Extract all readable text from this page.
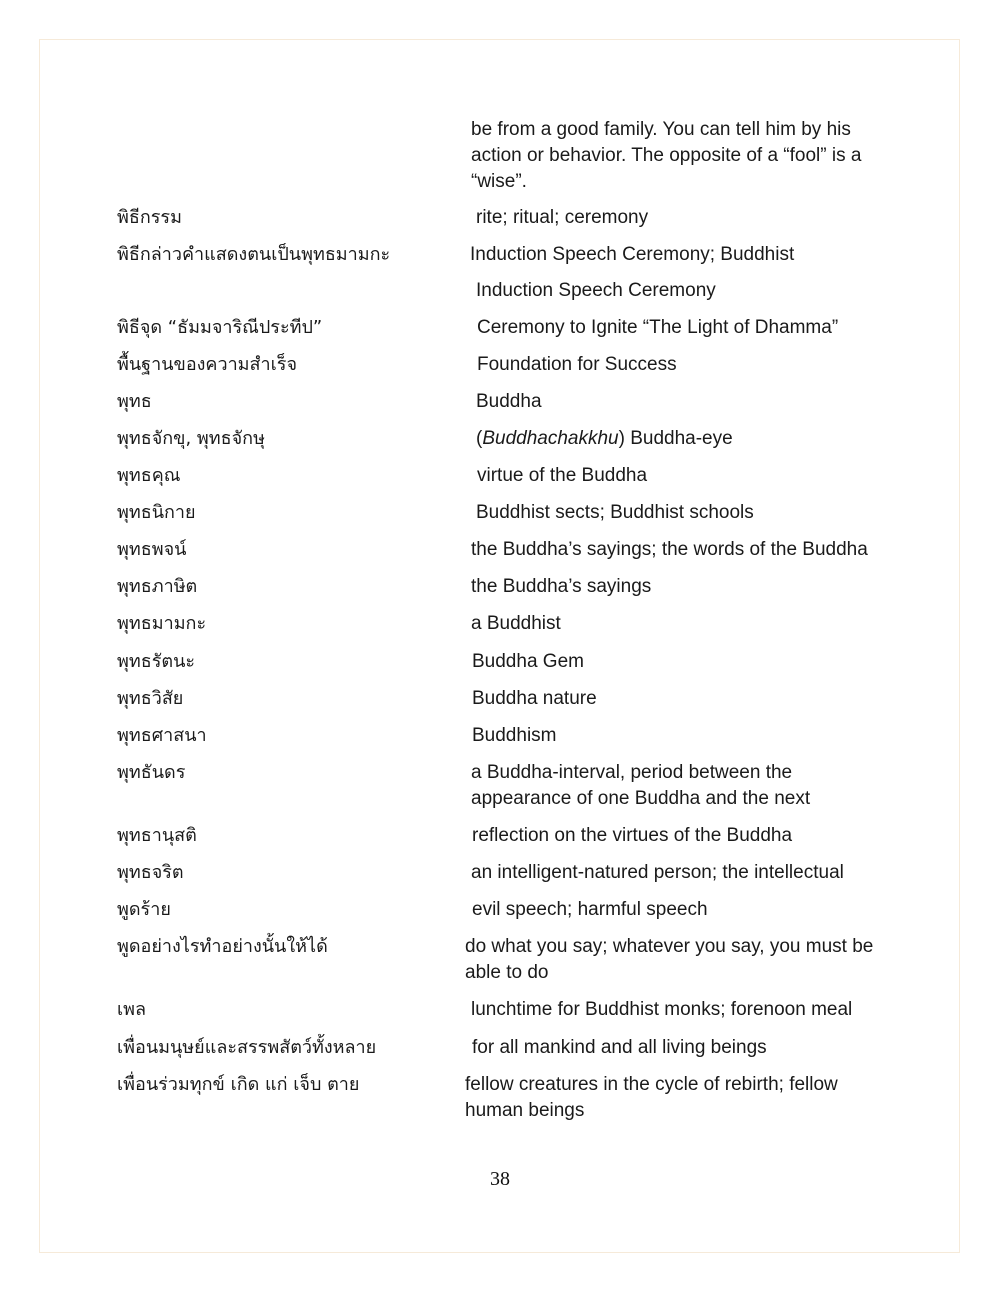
be from a good family. You can tell him by his action or behavior. The opposite of a “fool” is a “wise”.
พิธีกรรม	rite; ritual; ceremony
พิธีกล่าวคำแสดงตนเป็นพุทธมามกะ	Induction Speech Ceremony; Buddhist
Induction Speech Ceremony
พิธีจุด “ธัมมจาริณีประทีป”	Ceremony to Ignite “The Light of Dhamma”
พื้นฐานของความสำเร็จ	Foundation for Success
พุทธ	Buddha
พุทธจักขุ, พุทธจักษุ	(Buddhachakkhu) Buddha-eye
พุทธคุณ	virtue of the Buddha
พุทธนิกาย	Buddhist sects; Buddhist schools
พุทธพจน์	the Buddha’s sayings; the words of the Buddha
พุทธภาษิต	the Buddha’s sayings
พุทธมามกะ	a Buddhist
พุทธรัตนะ	Buddha Gem
พุทธวิสัย	Buddha nature
พุทธศาสนา	Buddhism
พุทธันดร	a Buddha-interval, period between the appearance of one Buddha and the next
พุทธานุสติ	reflection on the virtues of the Buddha
พุทธจริต	an intelligent-natured person; the intellectual
พูดร้าย	evil speech; harmful speech
พูดอย่างไรทำอย่างนั้นให้ได้	do what you say; whatever you say, you must be able to do
เพล	lunchtime for Buddhist monks; forenoon meal
เพื่อนมนุษย์และสรรพสัตว์ทั้งหลาย	for all mankind and all living beings
เพื่อนร่วมทุกข์ เกิด แก่ เจ็บ ตาย	fellow creatures in the cycle of rebirth; fellow human beings
38
